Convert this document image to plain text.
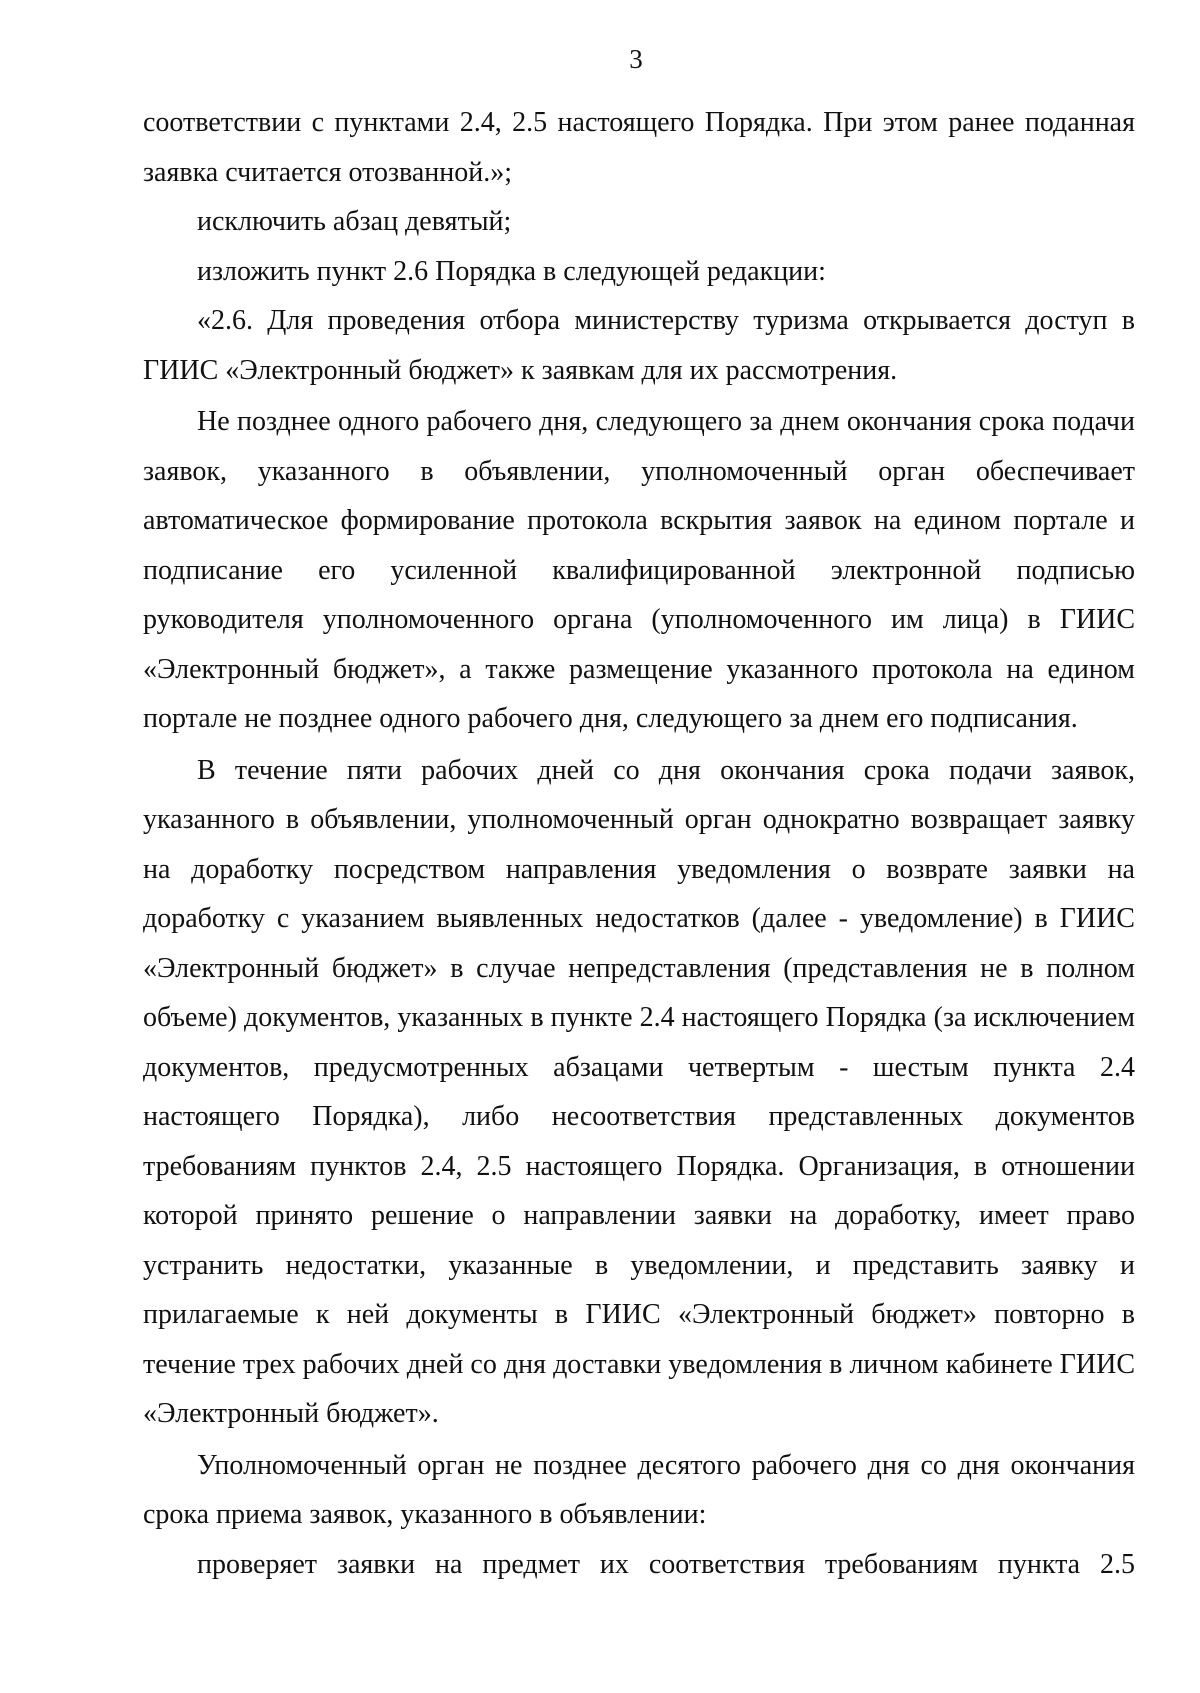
3

соответствии с пунктами 2.4, 2.5 настоящего Порядка. При этом ранее поданная заявка считается отозванной.»;

исключить абзац девятый;

изложить пункт 2.6 Порядка в следующей редакции:

«2.6. Для проведения отбора министерству туризма открывается доступ в ГИИС «Электронный бюджет» к заявкам для их рассмотрения.

Не позднее одного рабочего дня, следующего за днем окончания срока подачи заявок, указанного в объявлении, уполномоченный орган обеспечивает автоматическое формирование протокола вскрытия заявок на едином портале и подписание его усиленной квалифицированной электронной подписью руководителя уполномоченного органа (уполномоченного им лица) в ГИИС «Электронный бюджет», а также размещение указанного протокола на едином портале не позднее одного рабочего дня, следующего за днем его подписания.

В течение пяти рабочих дней со дня окончания срока подачи заявок, указанного в объявлении, уполномоченный орган однократно возвращает заявку на доработку посредством направления уведомления о возврате заявки на доработку с указанием выявленных недостатков (далее - уведомление) в ГИИС «Электронный бюджет» в случае непредставления (представления не в полном объеме) документов, указанных в пункте 2.4 настоящего Порядка (за исключением документов, предусмотренных абзацами четвертым - шестым пункта 2.4 настоящего Порядка), либо несоответствия представленных документов требованиям пунктов 2.4, 2.5 настоящего Порядка. Организация, в отношении которой принято решение о направлении заявки на доработку, имеет право устранить недостатки, указанные в уведомлении, и представить заявку и прилагаемые к ней документы в ГИИС «Электронный бюджет» повторно в течение трех рабочих дней со дня доставки уведомления в личном кабинете ГИИС «Электронный бюджет».

Уполномоченный орган не позднее десятого рабочего дня со дня окончания срока приема заявок, указанного в объявлении:

проверяет заявки на предмет их соответствия требованиям пункта 2.5
